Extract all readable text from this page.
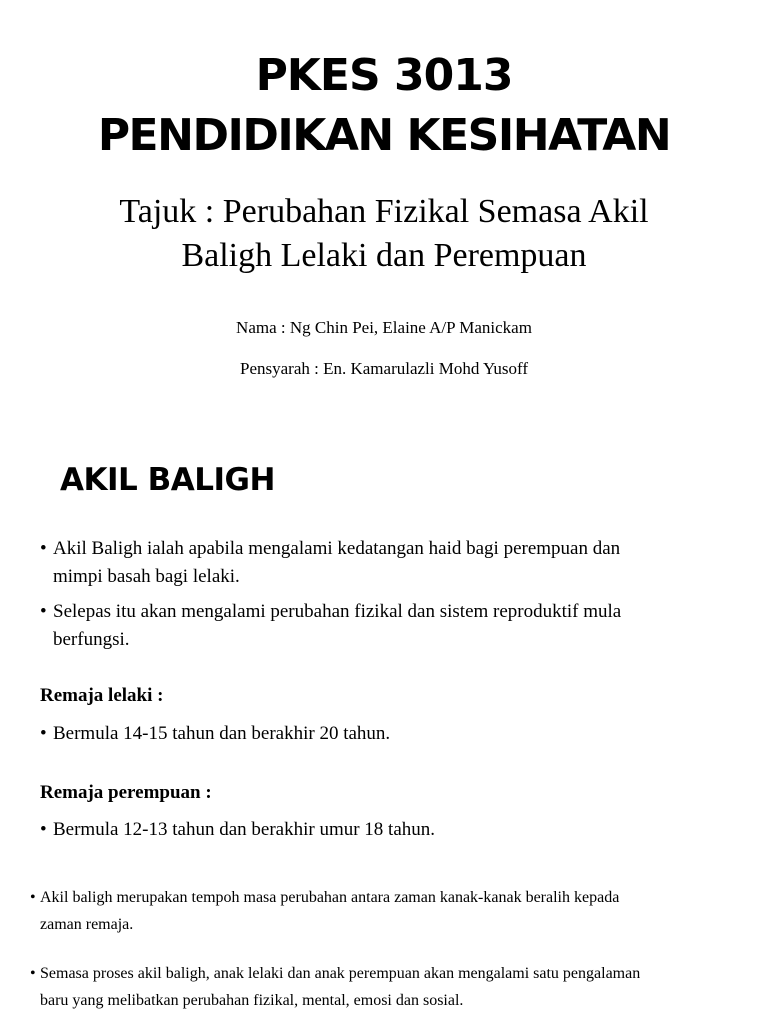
PKES 3013
PENDIDIKAN KESIHATAN
Tajuk : Perubahan Fizikal Semasa Akil
Baligh Lelaki dan Perempuan
Nama : Ng Chin Pei, Elaine A/P Manickam
Pensyarah : En. Kamarulazli Mohd Yusoff
AKIL BALIGH
• Akil Baligh ialah apabila mengalami kedatangan haid bagi perempuan dan
mimpi basah bagi lelaki.
• Selepas itu akan mengalami perubahan fizikal dan sistem reproduktif mula
berfungsi.
Remaja lelaki :
• Bermula 14-15 tahun dan berakhir 20 tahun.
Remaja perempuan :
• Bermula 12-13 tahun dan berakhir umur 18 tahun.
• Akil baligh merupakan tempoh masa perubahan antara zaman kanak-kanak beralih kepada
zaman remaja.
• Semasa proses akil baligh, anak lelaki dan anak perempuan akan mengalami satu pengalaman
baru yang melibatkan perubahan fizikal, mental, emosi dan sosial.
